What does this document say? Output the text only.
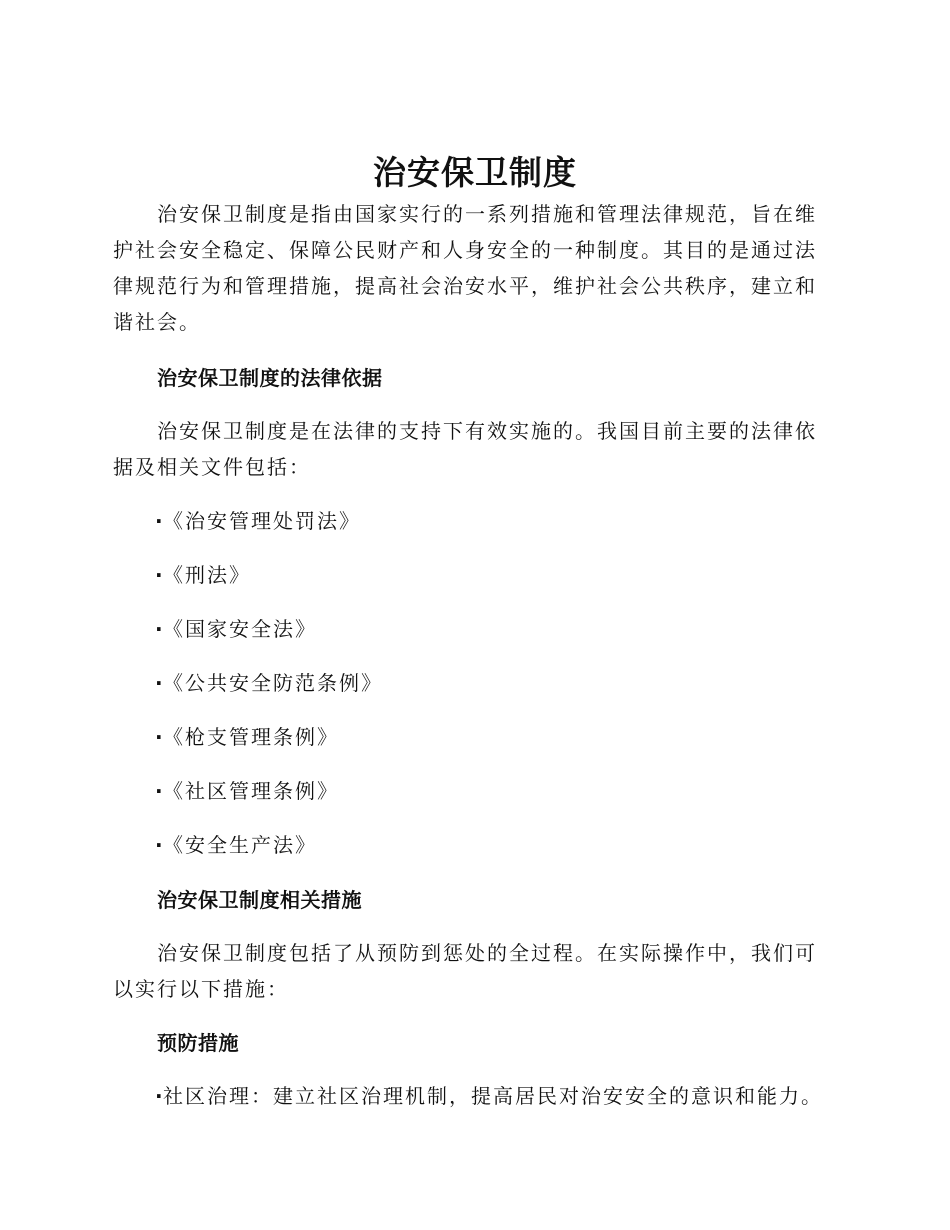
治安保卫制度

治安保卫制度是指由国家实行的一系列措施和管理法律规范，旨在维护社会安全稳定、保障公民财产和人身安全的一种制度。其目的是通过法律规范行为和管理措施，提高社会治安水平，维护社会公共秩序，建立和谐社会。

治安保卫制度的法律依据

治安保卫制度是在法律的支持下有效实施的。我国目前主要的法律依据及相关文件包括：

·《治安管理处罚法》
·《刑法》
·《国家安全法》
·《公共安全防范条例》
·《枪支管理条例》
·《社区管理条例》
·《安全生产法》
治安保卫制度相关措施

治安保卫制度包括了从预防到惩处的全过程。在实际操作中，我们可以实行以下措施：

预防措施
·社区治理：建立社区治理机制，提高居民对治安安全的意识和能力。
